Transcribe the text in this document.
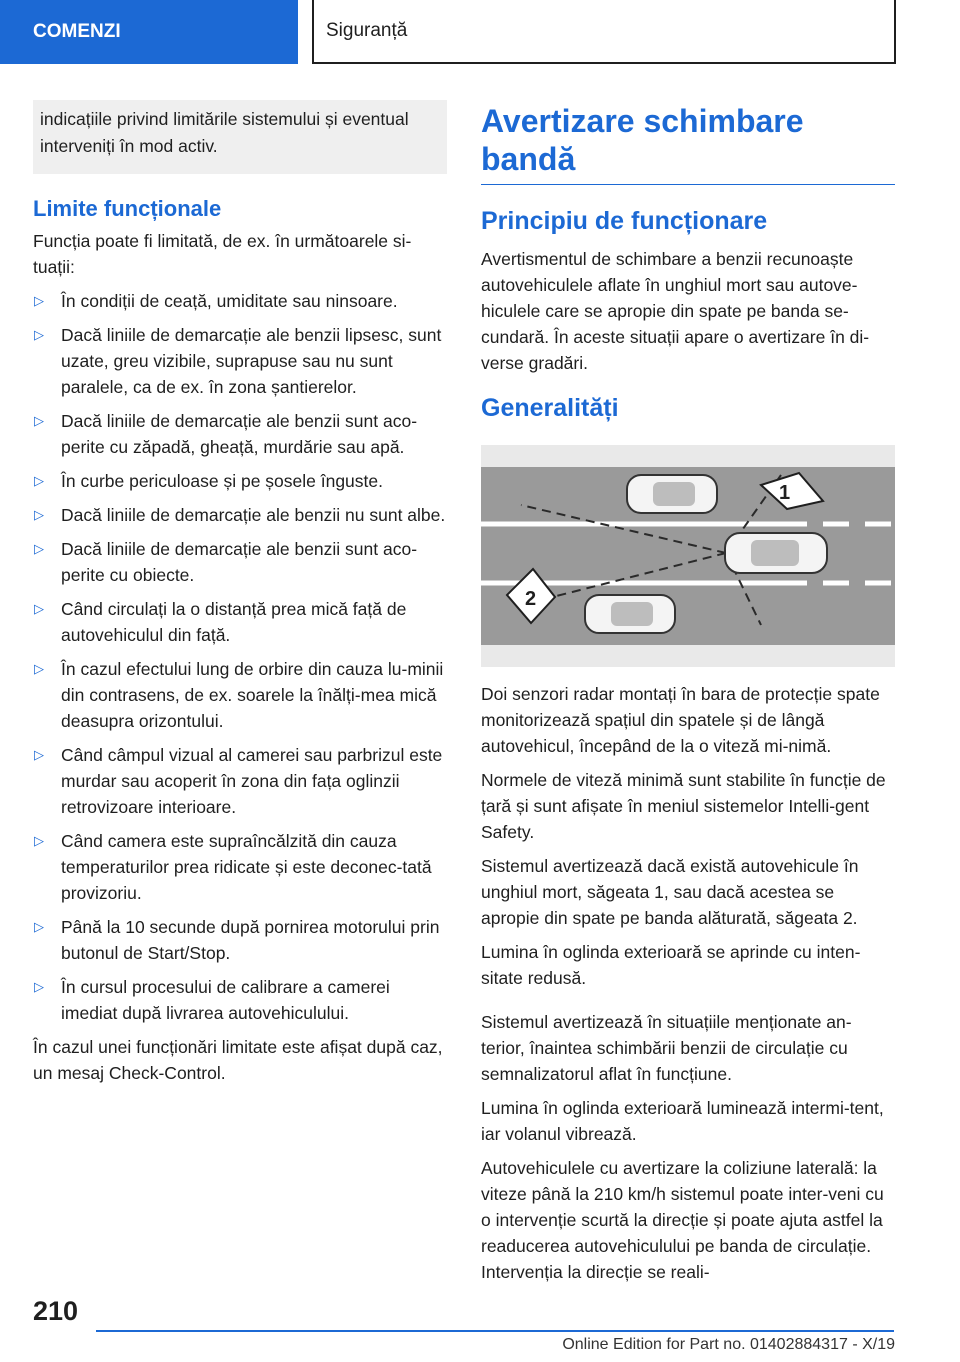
COMENZI	Siguranță
indicațiile privind limitările sistemului și eventual interveniți în mod activ.
Limite funcționale
Funcția poate fi limitată, de ex. în următoarele si-tuații:
▷ În condiții de ceață, umiditate sau ninsoare.
▷ Dacă liniile de demarcație ale benzii lipsesc, sunt uzate, greu vizibile, suprapuse sau nu sunt paralele, ca de ex. în zona șantierelor.
▷ Dacă liniile de demarcație ale benzii sunt aco-perite cu zăpadă, gheață, murdărie sau apă.
▷ În curbe periculoase și pe șosele înguste.
▷ Dacă liniile de demarcație ale benzii nu sunt albe.
▷ Dacă liniile de demarcație ale benzii sunt aco-perite cu obiecte.
▷ Când circulați la o distanță prea mică față de autovehiculul din față.
▷ În cazul efectului lung de orbire din cauza lu-minii din contrasens, de ex. soarele la înălți-mea mică deasupra orizontului.
▷ Când câmpul vizual al camerei sau parbrizul este murdar sau acoperit în zona din fața oglinzii retrovizoare interioare.
▷ Când camera este supraîncălzită din cauza temperaturilor prea ridicate și este deconec-tată provizoriu.
▷ Până la 10 secunde după pornirea motorului prin butonul de Start/Stop.
▷ În cursul procesului de calibrare a camerei imediat după livrarea autovehiculului.
În cazul unei funcționări limitate este afișat după caz, un mesaj Check-Control.
Avertizare schimbare bandă
Principiu de funcționare
Avertismentul de schimbare a benzii recunoaște autovehiculele aflate în unghiul mort sau autove-hiculele care se apropie din spate pe banda se-cundară. În aceste situații apare o avertizare în di-verse gradări.
Generalități
1
2
Doi senzori radar montați în bara de protecție spate monitorizează spațiul din spatele și de lângă autovehicul, începând de la o viteză mi-nimă.
Normele de viteză minimă sunt stabilite în funcție de țară și sunt afișate în meniul sistemelor Intelli-gent Safety.
Sistemul avertizează dacă există autovehicule în unghiul mort, săgeata 1, sau dacă acestea se apropie din spate pe banda alăturată, săgeata 2.
Lumina în oglinda exterioară se aprinde cu inten-sitate redusă.
Sistemul avertizează în situațiile menționate an-terior, înaintea schimbării benzii de circulație cu semnalizatorul aflat în funcțiune.
Lumina în oglinda exterioară luminează intermi-tent, iar volanul vibrează.
Autovehiculele cu avertizare la coliziune laterală: la viteze până la 210 km/h sistemul poate inter-veni cu o intervenție scurtă la direcție și poate ajuta astfel la readucerea autovehiculului pe banda de circulație. Intervenția la direcție se reali-
210
Online Edition for Part no. 01402884317 - X/19
